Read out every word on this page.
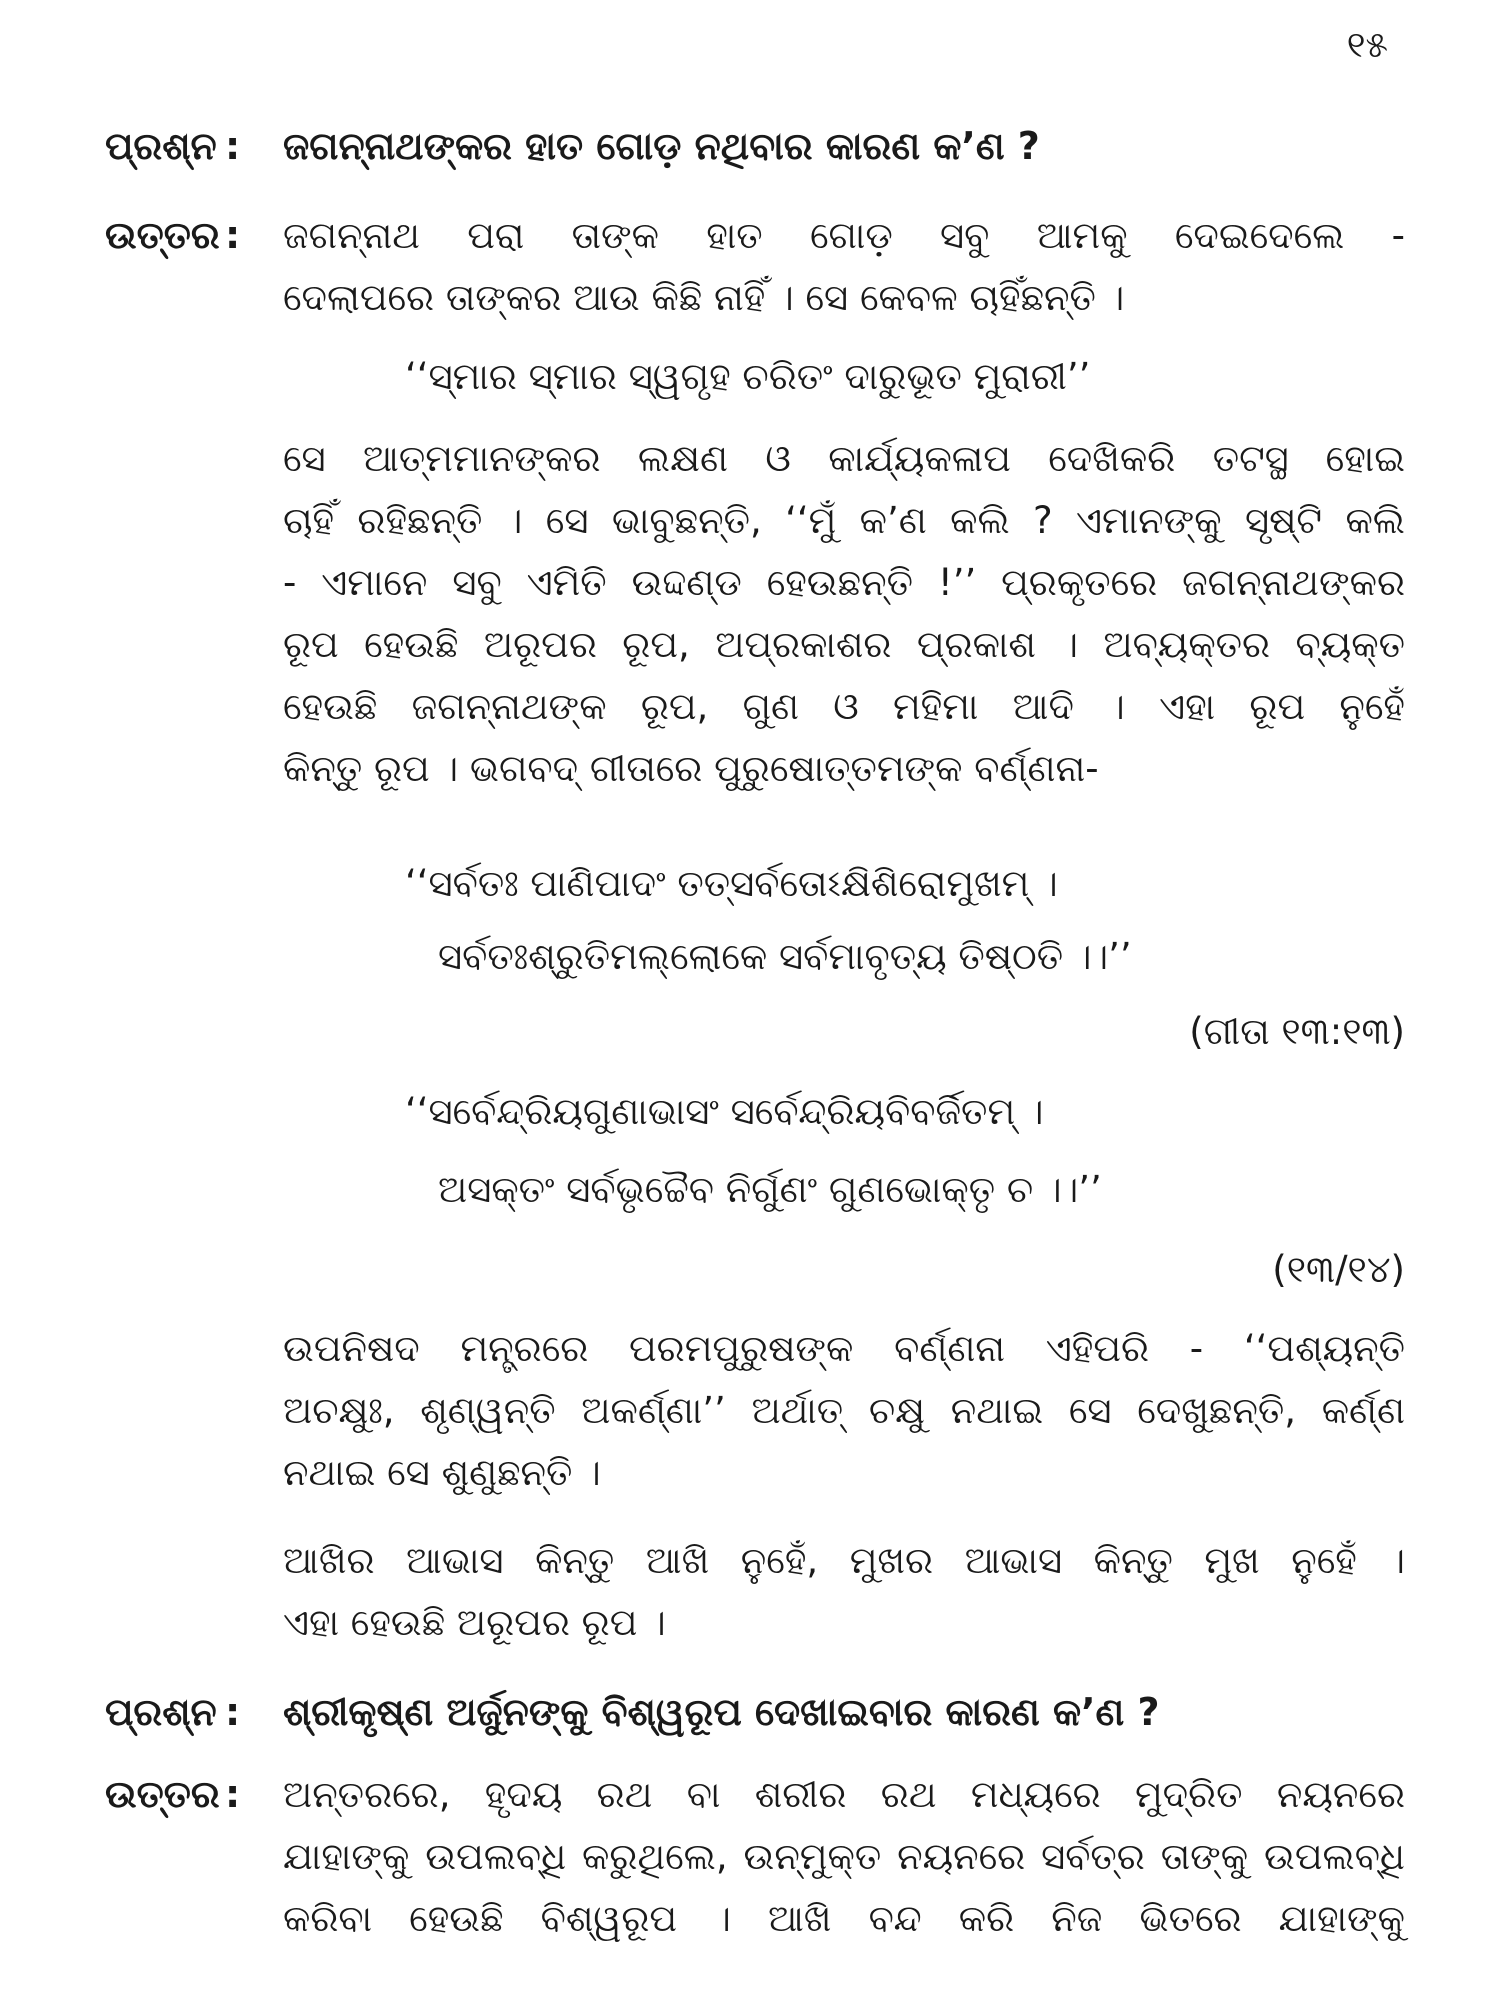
୧୫
ପ୍ରଶ୍ନ : ଜଗନ୍ନାଥଙ୍କର ହାତ ଗୋଡ଼ ନଥିବାର କାରଣ କ’ଣ ?
ଉତ୍ତର : ଜଗନ୍ନାଥ ପରା ତାଙ୍କ ହାତ ଗୋଡ଼ ସବୁ ଆମକୁ ଦେଇଦେଲେ -
ଦେଲାପରେ ତାଙ୍କର ଆଉ କିଛି ନାହିଁ । ସେ କେବଳ ଚାହିଁଛନ୍ତି ।
‘‘ସ୍ମାର ସ୍ମାର ସ୍ୱଗୃହ ଚରିତଂ ଦାରୁଭୂତ ମୁରାରୀ’’
ସେ ଆତ୍ମମାନଙ୍କର ଲକ୍ଷଣ ଓ କାର୍ଯ୍ୟକଳାପ ଦେଖିକରି ତଟସ୍ଥ ହୋଇ
ଚାହିଁ ରହିଛନ୍ତି । ସେ ଭାବୁଛନ୍ତି, ‘‘ମୁଁ କ’ଣ କଲି ? ଏମାନଙ୍କୁ ସୃଷ୍ଟି କଲି
- ଏମାନେ ସବୁ ଏମିତି ଉଦ୍ଦଣ୍ଡ ହେଉଛନ୍ତି !’’ ପ୍ରକୃତରେ ଜଗନ୍ନାଥଙ୍କର
ରୂପ ହେଉଛି ଅରୂପର ରୂପ, ଅପ୍ରକାଶର ପ୍ରକାଶ । ଅବ୍ୟକ୍ତର ବ୍ୟକ୍ତ
ହେଉଛି ଜଗନ୍ନାଥଙ୍କ ରୂପ, ଗୁଣ ଓ ମହିମା ଆଦି । ଏହା ରୂପ ନୁହେଁ
କିନ୍ତୁ ରୂପ । ଭଗବଦ୍ ଗୀତାରେ ପୁରୁଷୋତ୍ତମଙ୍କ ବର୍ଣ୍ଣନା-
‘‘ସର୍ବତଃ ପାଣିପାଦଂ ତତ୍ସର୍ବତୋଽକ୍ଷିଶିରୋମୁଖମ୍ ।
ସର୍ବତଃଶ୍ରୁତିମଲ୍ଲୋକେ ସର୍ବମାବୃତ୍ୟ ତିଷ୍ଠତି ।।’’
(ଗୀତା ୧୩:୧୩)
‘‘ସର୍ବେନ୍ଦ୍ରିୟଗୁଣାଭାସଂ ସର୍ବେନ୍ଦ୍ରିୟବିବର୍ଜିତମ୍ ।
ଅସକ୍ତଂ ସର୍ବଭୃଚ୍ଚୈବ ନିର୍ଗୁଣଂ ଗୁଣଭୋକ୍ତୃ ଚ ।।’’
(୧୩/୧୪)
ଉପନିଷଦ ମନ୍ତ୍ରରେ ପରମପୁରୁଷଙ୍କ ବର୍ଣ୍ଣନା ଏହିପରି - ‘‘ପଶ୍ୟନ୍ତି
ଅଚକ୍ଷୁଃ, ଶୃଣ୍ୱନ୍ତି ଅକର୍ଣ୍ଣା’’ ଅର୍ଥାତ୍ ଚକ୍ଷୁ ନଥାଇ ସେ ଦେଖୁଛନ୍ତି, କର୍ଣ୍ଣ
ନଥାଇ ସେ ଶୁଣୁଛନ୍ତି ।
ଆଖିର ଆଭାସ କିନ୍ତୁ ଆଖି ନୁହେଁ, ମୁଖର ଆଭାସ କିନ୍ତୁ ମୁଖ ନୁହେଁ ।
ଏହା ହେଉଛି ଅରୂପର ରୂପ ।
ପ୍ରଶ୍ନ : ଶ୍ରୀକୃଷ୍ଣ ଅର୍ଜୁନଙ୍କୁ ବିଶ୍ୱରୂପ ଦେଖାଇବାର କାରଣ କ’ଣ ?
ଉତ୍ତର : ଅନ୍ତରରେ, ହୃଦୟ ରଥ ବା ଶରୀର ରଥ ମଧ୍ୟରେ ମୁଦ୍ରିତ ନୟନରେ
ଯାହାଙ୍କୁ ଉପଲବ୍ଧି କରୁଥିଲେ, ଉନ୍ମୁକ୍ତ ନୟନରେ ସର୍ବତ୍ର ତାଙ୍କୁ ଉପଲବ୍ଧି
କରିବା ହେଉଛି ବିଶ୍ୱରୂପ । ଆଖି ବନ୍ଦ କରି ନିଜ ଭିତରେ ଯାହାଙ୍କୁ
